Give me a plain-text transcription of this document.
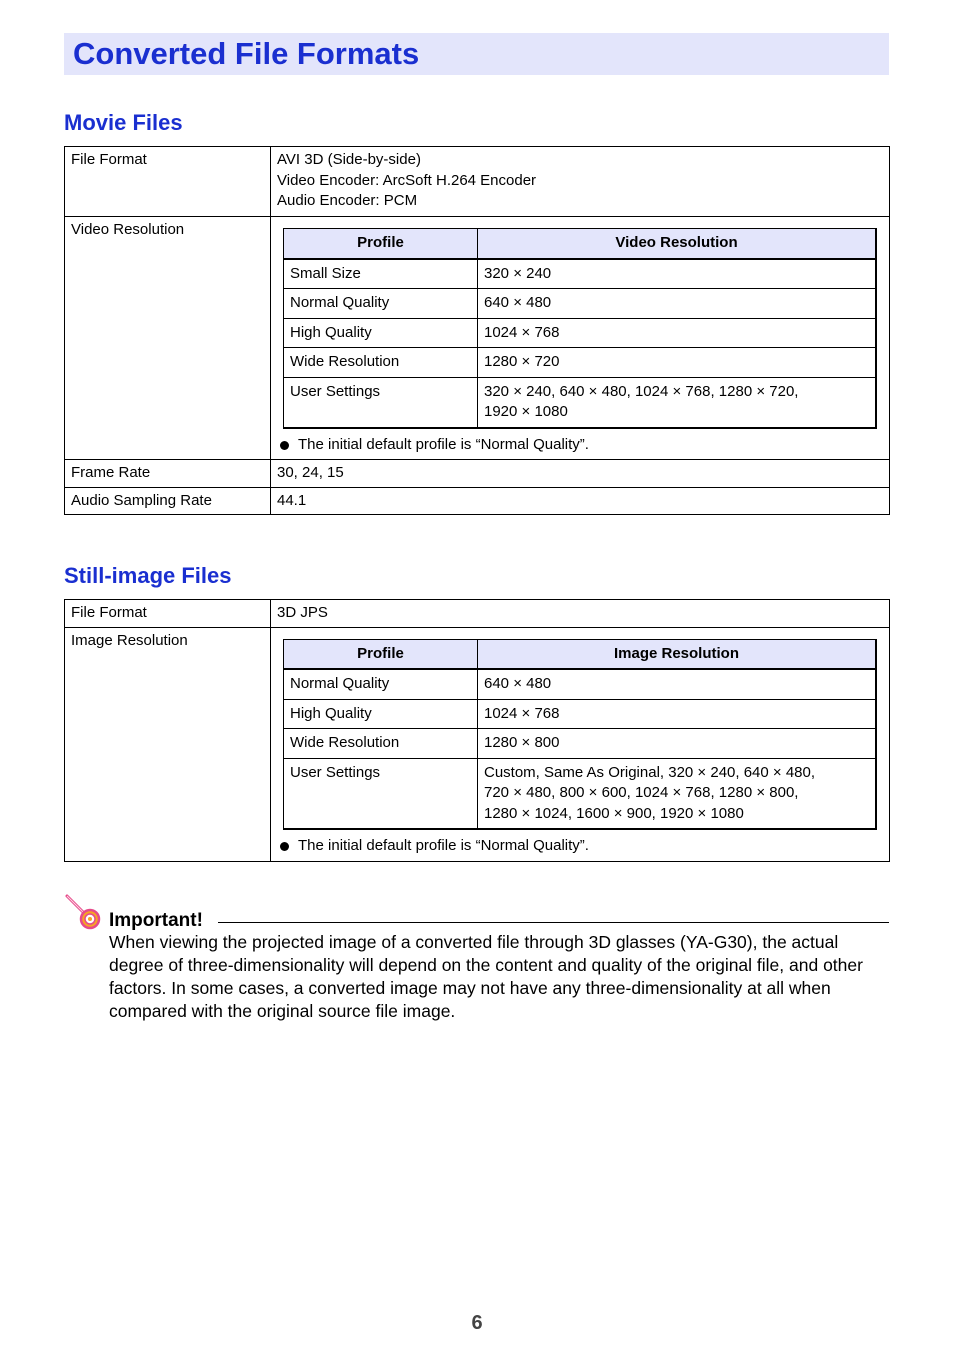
Converted File Formats
Movie Files
File Format	AVI 3D (Side-by-side)
Video Encoder: ArcSoft H.264 Encoder
Audio Encoder: PCM

Video Resolution	
Profile	Video Resolution
Small Size	320 × 240
Normal Quality	640 × 480
High Quality	1024 × 768
Wide Resolution	1280 × 720
User Settings	320 × 240, 640 × 480, 1024 × 768, 1280 × 720,
1920 × 1080
The initial default profile is “Normal Quality”.

Frame Rate	30, 24, 15
Audio Sampling Rate	44.1
Still-image Files
File Format	3D JPS
Image Resolution	
Profile	Image Resolution
Normal Quality	640 × 480
High Quality	1024 × 768
Wide Resolution	1280 × 800
User Settings	Custom, Same As Original, 320 × 240, 640 × 480,
720 × 480, 800 × 600, 1024 × 768, 1280 × 800,
1280 × 1024, 1600 × 900, 1920 × 1080
The initial default profile is “Normal Quality”.
Important!

When viewing the projected image of a converted file through 3D glasses (YA-G30), the actual degree of three-dimensionality will depend on the content and quality of the original file, and other factors. In some cases, a converted image may not have any three-dimensionality at all when compared with the original source file image.

6
